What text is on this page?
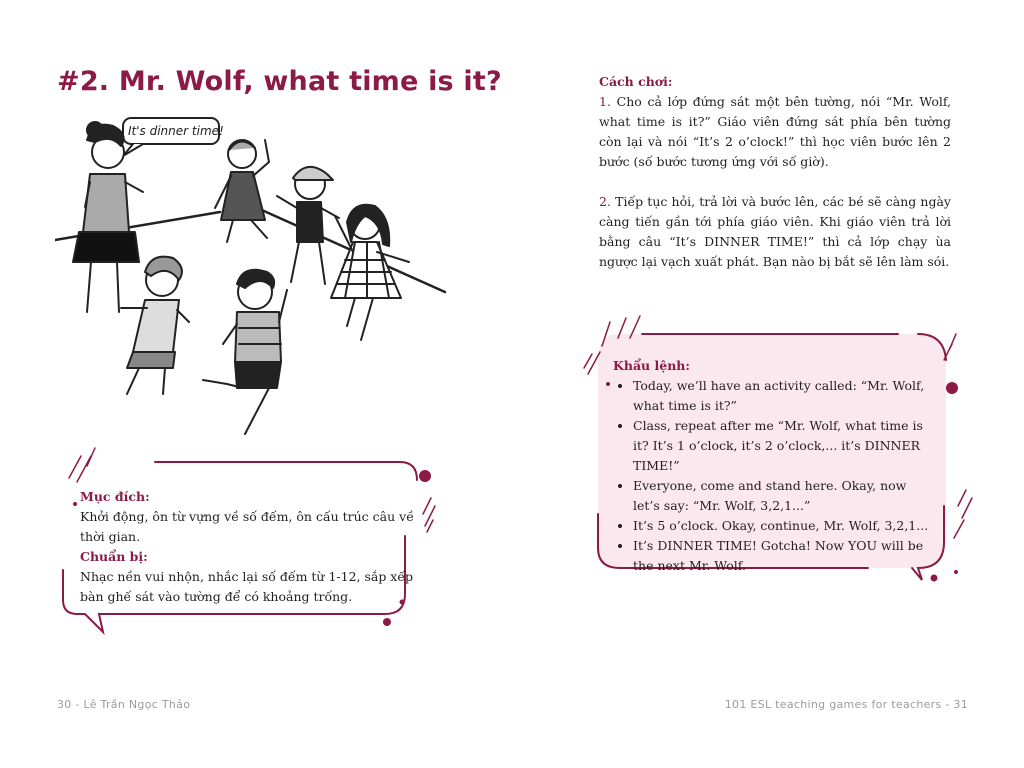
#2. Mr. Wolf, what time is it?
It's dinner time!
Mục đích:
Khởi động, ôn từ vựng về số đếm, ôn cấu trúc câu về thời gian.
Chuẩn bị:
Nhạc nền vui nhộn, nhắc lại số đếm từ 1-12, sắp xếp bàn ghế sát vào tường để có khoảng trống.
Cách chơi:

1. Cho cả lớp đứng sát một bên tường, nói “Mr. Wolf, what time is it?” Giáo viên đứng sát phía bên tường còn lại và nói “It’s 2 o’clock!” thì học viên bước lên 2 bước (số bước tương ứng với số giờ).

2. Tiếp tục hỏi, trả lời và bước lên, các bé sẽ càng ngày càng tiến gần tới phía giáo viên. Khi giáo viên trả lời bằng câu “It’s DINNER TIME!” thì cả lớp chạy ùa ngược lại vạch xuất phát. Bạn nào bị bắt sẽ lên làm sói.

Khẩu lệnh:
• Today, we’ll have an activity called: “Mr. Wolf, what time is it?”
• Class, repeat after me “Mr. Wolf, what time is it? It’s 1 o’clock, it’s 2 o’clock,... it’s DINNER TIME!”
• Everyone, come and stand here. Okay, now let’s say: “Mr. Wolf, 3,2,1...”
• It’s 5 o’clock. Okay, continue, Mr. Wolf, 3,2,1...
• It’s DINNER TIME! Gotcha! Now YOU will be the next Mr. Wolf.
30 - Lê Trần Ngọc Thảo	101 ESL teaching games for teachers - 31
